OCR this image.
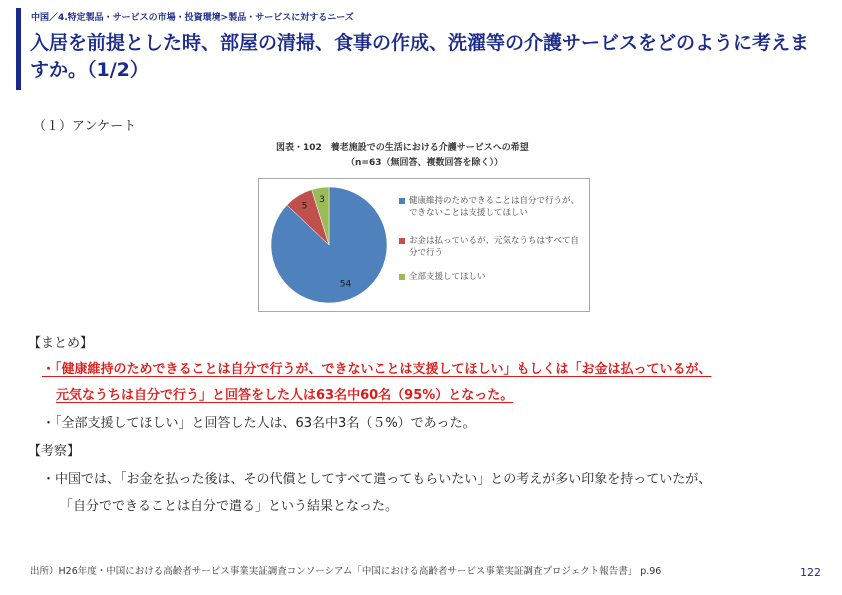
中国／4.特定製品・サービスの市場・投資環境>製品・サービスに対するニーズ
入居を前提とした時、部屋の清掃、食事の作成、洗濯等の介護サービスをどのように考えますか。（1/2）
（１）アンケート
図表・102　養老施設での生活における介護サービスへの希望
（n=63（無回答、複数回答を除く））
54
5
3	健康維持のためできることは自分で行うが、できないことは支援してほしい
お金は払っているが、元気なうちはすべて自分で行う
全部支援してほしい
【まとめ】
・「健康維持のためできることは自分で行うが、できないことは支援してほしい」もしくは「お金は払っているが、
元気なうちは自分で行う」と回答をした人は63名中60名（95%）となった。
・「全部支援してほしい」と回答した人は、63名中3名（５%）であった。
【考察】
・中国では、「お金を払った後は、その代償としてすべて遣ってもらいたい」との考えが多い印象を持っていたが、
「自分でできることは自分で遣る」という結果となった。
出所）H26年度・中国における高齢者サービス事業実証調査コンソーシアム「中国における高齢者サービス事業実証調査プロジェクト報告書」 p.96	122
